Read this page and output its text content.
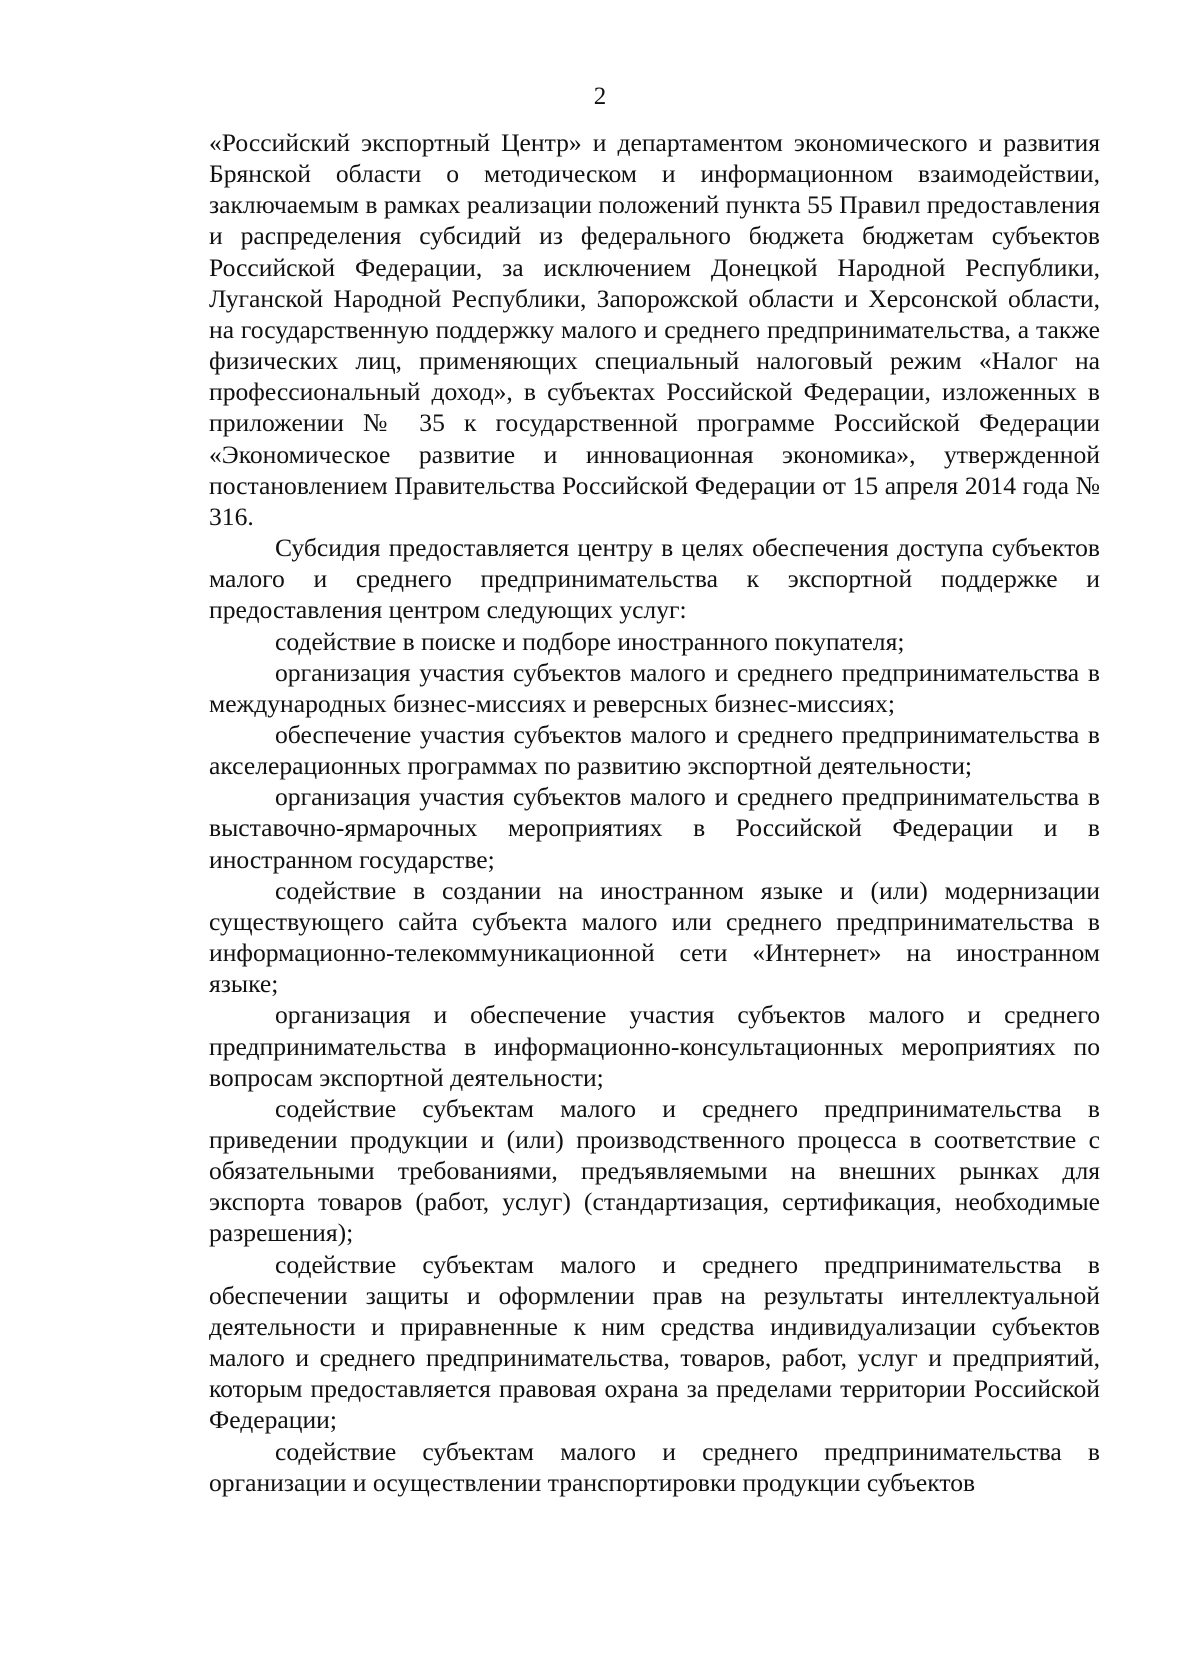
2

«Российский экспортный Центр» и департаментом экономического и развития Брянской области о методическом и информационном взаимодействии, заключаемым в рамках реализации положений пункта 55 Правил предоставления и распределения субсидий из федерального бюджета бюджетам субъектов Российской Федерации, за исключением Донецкой Народной Республики, Луганской Народной Республики, Запорожской области и Херсонской области, на государственную поддержку малого и среднего предпринимательства, а также физических лиц, применяющих специальный налоговый режим «Налог на профессиональный доход», в субъектах Российской Федерации, изложенных в приложении № 35 к государственной программе Российской Федерации «Экономическое развитие и инновационная экономика», утвержденной постановлением Правительства Российской Федерации от 15 апреля 2014 года № 316.

Субсидия предоставляется центру в целях обеспечения доступа субъектов малого и среднего предпринимательства к экспортной поддержке и предоставления центром следующих услуг:

содействие в поиске и подборе иностранного покупателя;

организация участия субъектов малого и среднего предпринимательства в международных бизнес-миссиях и реверсных бизнес-миссиях;

обеспечение участия субъектов малого и среднего предпринимательства в акселерационных программах по развитию экспортной деятельности;

организация участия субъектов малого и среднего предпринимательства в выставочно-ярмарочных мероприятиях в Российской Федерации и в иностранном государстве;

содействие в создании на иностранном языке и (или) модернизации существующего сайта субъекта малого или среднего предпринимательства в информационно-телекоммуникационной сети «Интернет» на иностранном языке;

организация и обеспечение участия субъектов малого и среднего предпринимательства в информационно-консультационных мероприятиях по вопросам экспортной деятельности;

содействие субъектам малого и среднего предпринимательства в приведении продукции и (или) производственного процесса в соответствие с обязательными требованиями, предъявляемыми на внешних рынках для экспорта товаров (работ, услуг) (стандартизация, сертификация, необходимые разрешения);

содействие субъектам малого и среднего предпринимательства в обеспечении защиты и оформлении прав на результаты интеллектуальной деятельности и приравненные к ним средства индивидуализации субъектов малого и среднего предпринимательства, товаров, работ, услуг и предприятий, которым предоставляется правовая охрана за пределами территории Российской Федерации;

содействие субъектам малого и среднего предпринимательства в организации и осуществлении транспортировки продукции субъектов
